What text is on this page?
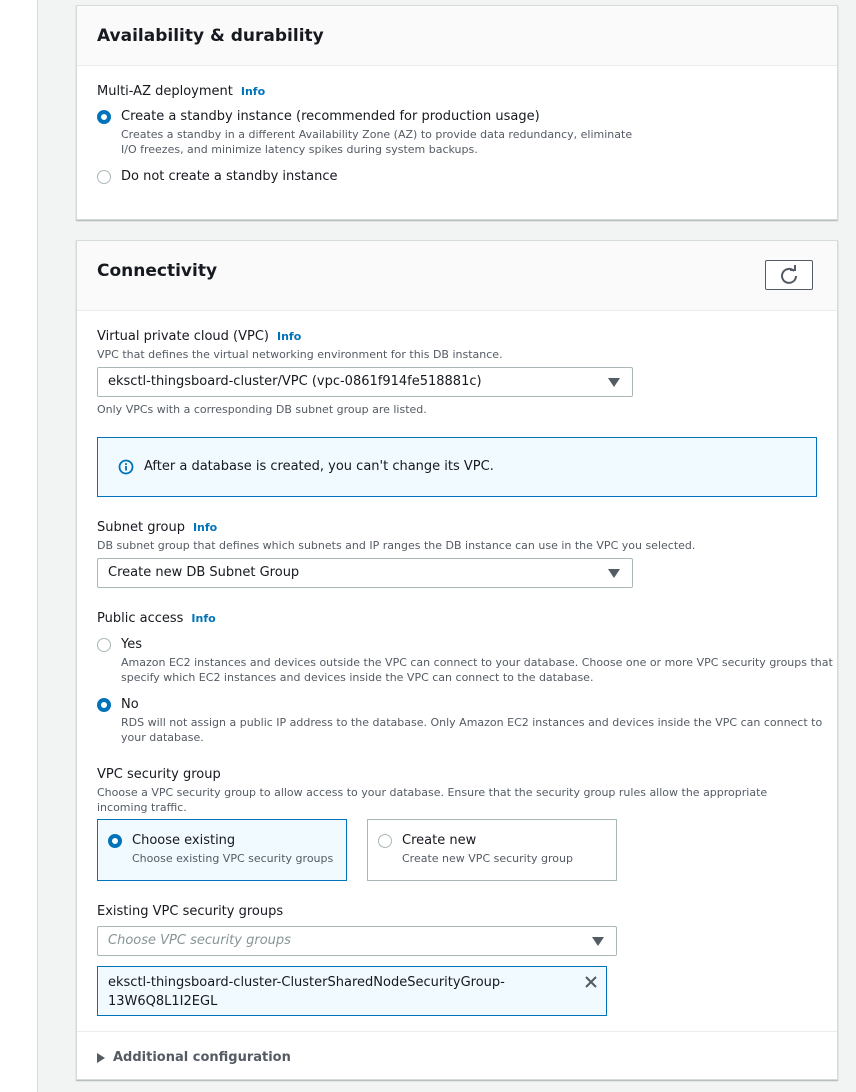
Availability & durability
Multi-AZ deployment Info
Create a standby instance (recommended for production usage)
Creates a standby in a different Availability Zone (AZ) to provide data redundancy, eliminate
I/O freezes, and minimize latency spikes during system backups.
Do not create a standby instance
Connectivity
Virtual private cloud (VPC) Info
VPC that defines the virtual networking environment for this DB instance.
eksctl-thingsboard-cluster/VPC (vpc-0861f914fe518881c)
Only VPCs with a corresponding DB subnet group are listed.
After a database is created, you can't change its VPC.
Subnet group Info
DB subnet group that defines which subnets and IP ranges the DB instance can use in the VPC you selected.
Create new DB Subnet Group
Public access Info
Yes
Amazon EC2 instances and devices outside the VPC can connect to your database. Choose one or more VPC security groups that
specify which EC2 instances and devices inside the VPC can connect to the database.
No
RDS will not assign a public IP address to the database. Only Amazon EC2 instances and devices inside the VPC can connect to
your database.
VPC security group
Choose a VPC security group to allow access to your database. Ensure that the security group rules allow the appropriate
incoming traffic.
Choose existing
Choose existing VPC security groups
Create new
Create new VPC security group
Existing VPC security groups
Choose VPC security groups
eksctl-thingsboard-cluster-ClusterSharedNodeSecurityGroup-
13W6Q8L1I2EGL
Additional configuration
